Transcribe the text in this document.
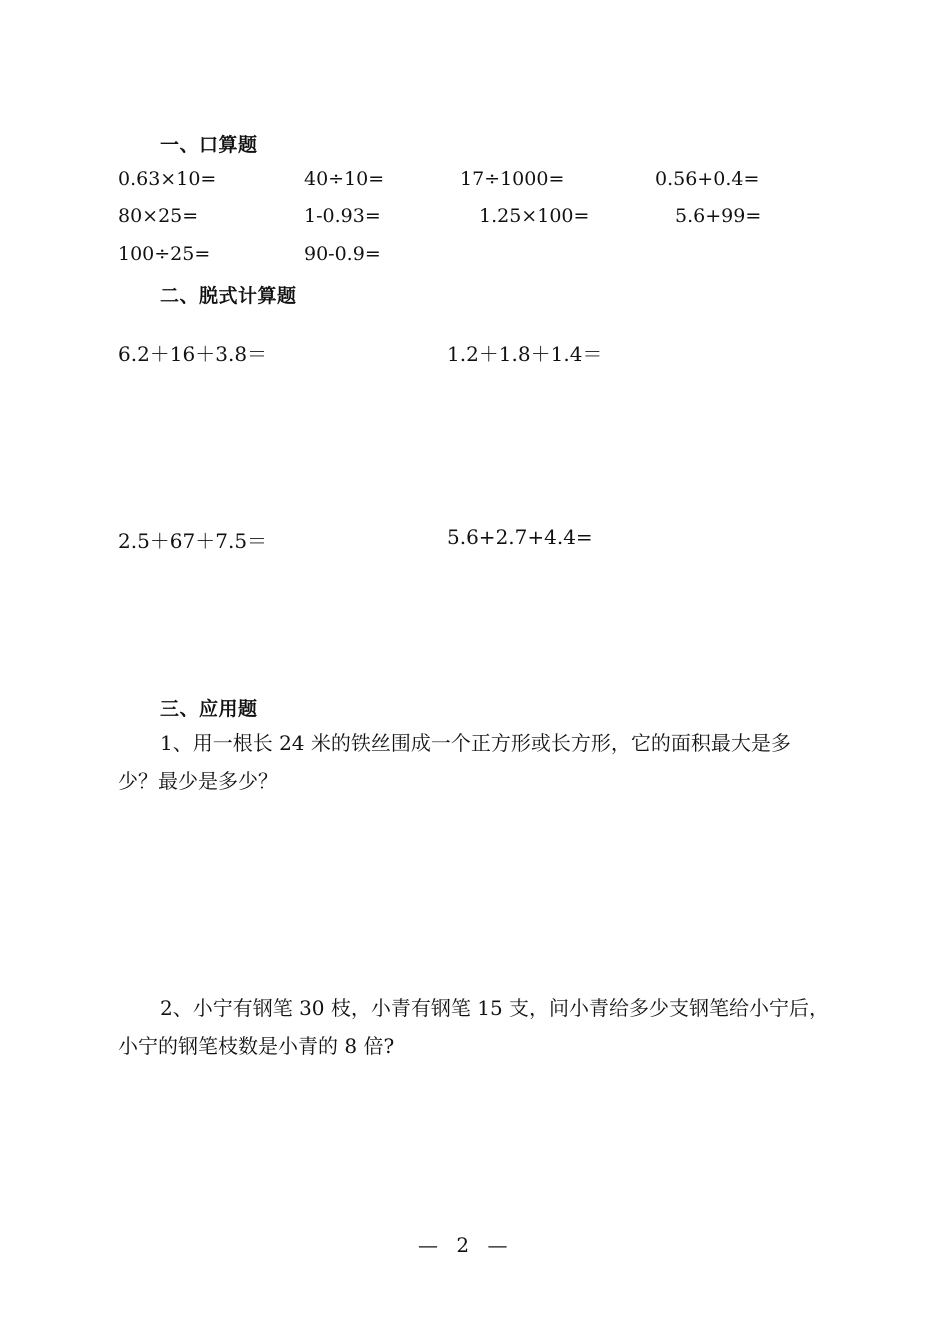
一、口算题
0.63×10=	40÷10=	17÷1000=	0.56+0.4=
80×25=	1-0.93=	1.25×100=	5.6+99=
100÷25=	90-0.9=
二、脱式计算题
6.2＋16＋3.8＝	1.2＋1.8＋1.4＝
2.5＋67＋7.5＝	5.6+2.7+4.4=
三、应用题
1、用一根长 24 米的铁丝围成一个正方形或长方形，它的面积最大是多
少？最少是多少？
2、小宁有钢笔 30 枝，小青有钢笔 15 支，问小青给多少支钢笔给小宁后，
小宁的钢笔枝数是小青的 8 倍?
— 2 —
